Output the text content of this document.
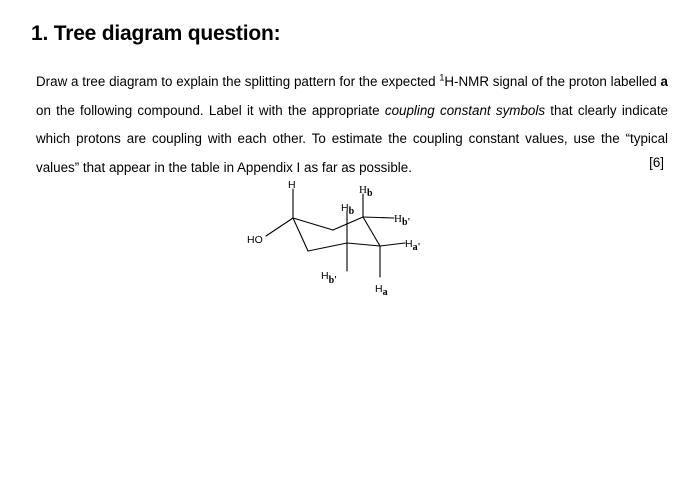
1. Tree diagram question:
Draw a tree diagram to explain the splitting pattern for the expected $^1$H-NMR signal of the proton labelled a on the following compound. Label it with the appropriate coupling constant symbols that clearly indicate which protons are coupling with each other. To estimate the coupling constant values, use the “typical values” that appear in the table in Appendix I as far as possible.	[6]
H	Hb
Hb
Hb'
HO	Ha'
Hb'
Ha
